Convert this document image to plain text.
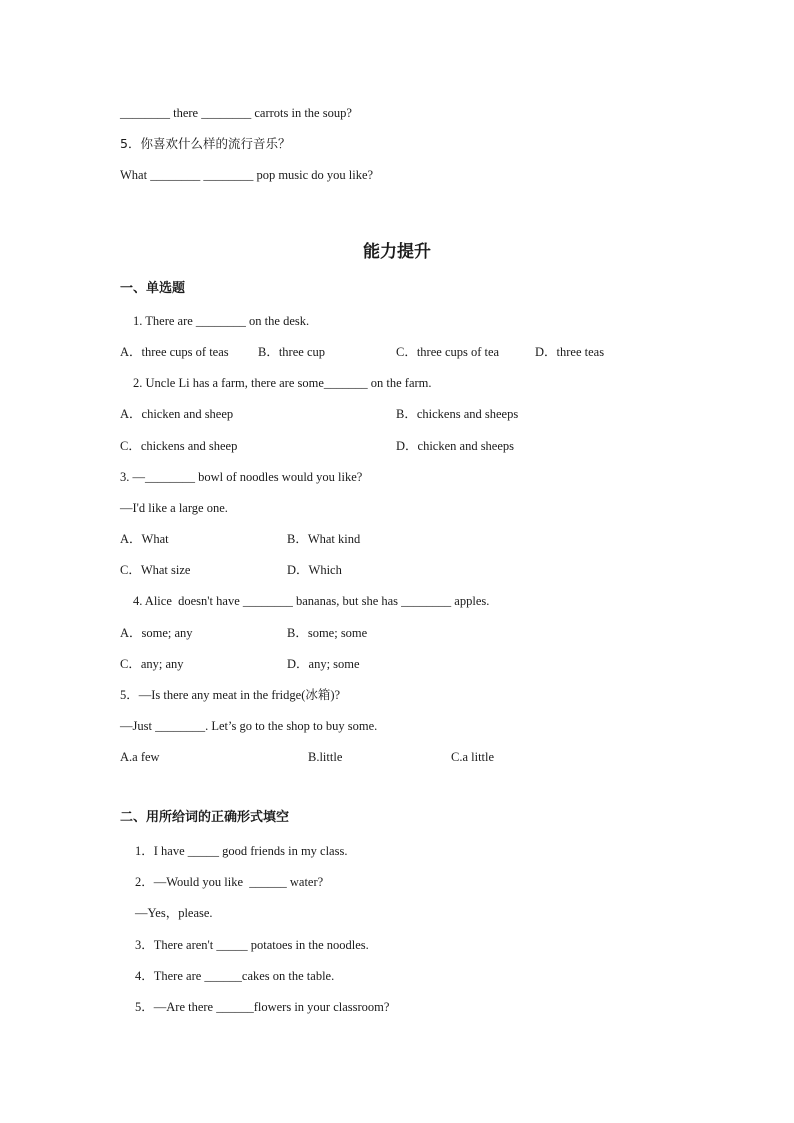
________ there ________ carrots in the soup?
5．你喜欢什么样的流行音乐？
What ________ ________ pop music do you like?
能力提升
一、单选题
1. There are ________ on the desk.
A．three cups of teas B．three cup	C．three cups of tea	D．three teas
2. Uncle Li has a farm, there are some_______ on the farm.
A．chicken and sheep	B．chickens and sheeps
C．chickens and sheep	D．chicken and sheeps
3. —________ bowl of noodles would you like?
—I'd like a large one.
A．What	B．What kind
C．What size	D．Which
4. Alice  doesn't have ________ bananas, but she has ________ apples.
A．some; any	B．some; some
C．any; any	D．any; some
5．—Is there any meat in the fridge(冰箱)?
—Just ________. Let’s go to the shop to buy some.
A.a few	B.little	C.a little
二、用所给词的正确形式填空
1．I have _____ good friends in my class.
2．—Would you like  ______ water?
—Yes，please.
3．There aren't _____ potatoes in the noodles.
4．There are ______cakes on the table.
5．—Are there ______flowers in your classroom?
